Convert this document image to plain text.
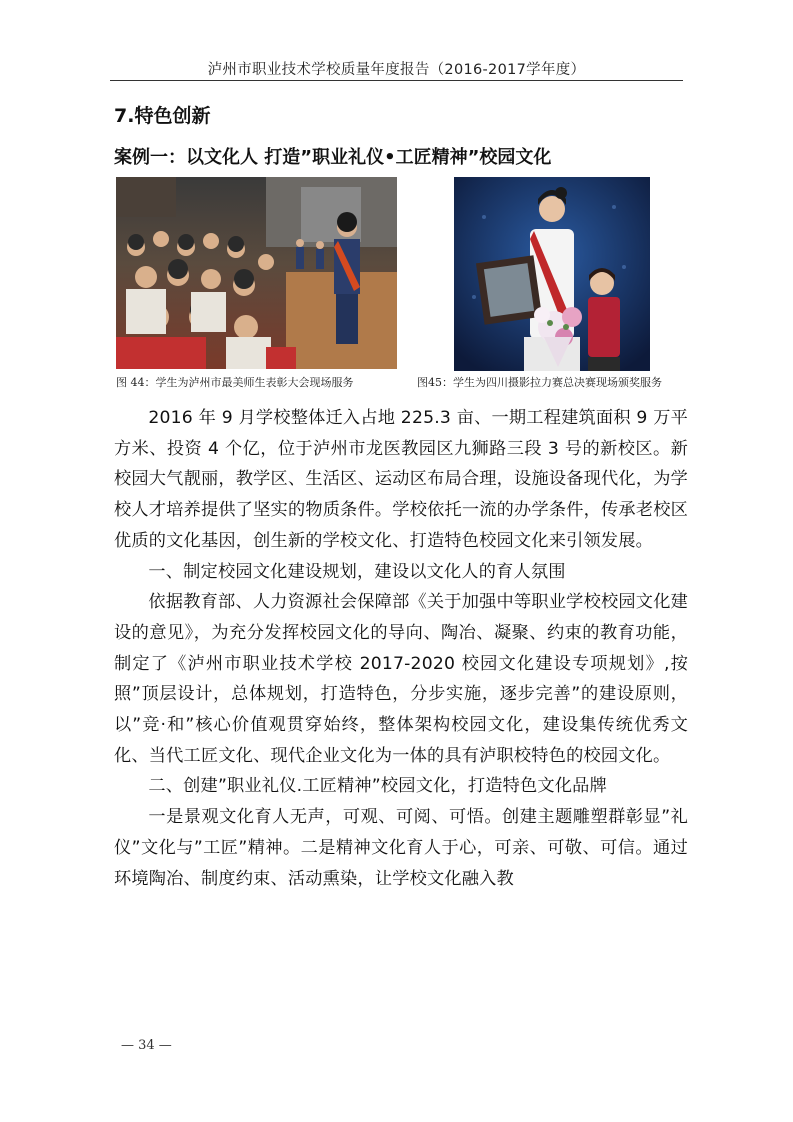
泸州市职业技术学校质量年度报告（2016-2017学年度）
7.特色创新
案例一：以文化人 打造”职业礼仪•工匠精神”校园文化
图 44：学生为泸州市最美师生表彰大会现场服务	图45：学生为四川摄影拉力赛总决赛现场颁奖服务

2016 年 9 月学校整体迁入占地 225.3 亩、一期工程建筑面积 9 万平方米、投资 4 个亿，位于泸州市龙医教园区九狮路三段 3 号的新校区。新校园大气靓丽，教学区、生活区、运动区布局合理，设施设备现代化，为学校人才培养提供了坚实的物质条件。学校依托一流的办学条件，传承老校区优质的文化基因，创生新的学校文化、打造特色校园文化来引领发展。

一、制定校园文化建设规划，建设以文化人的育人氛围

依据教育部、人力资源社会保障部《关于加强中等职业学校校园文化建设的意见》，为充分发挥校园文化的导向、陶冶、凝聚、约束的教育功能，制定了《泸州市职业技术学校 2017-2020 校园文化建设专项规划》,按照”顶层设计，总体规划，打造特色，分步实施，逐步完善”的建设原则，以”竞·和”核心价值观贯穿始终，整体架构校园文化，建设集传统优秀文化、当代工匠文化、现代企业文化为一体的具有泸职校特色的校园文化。

二、创建”职业礼仪.工匠精神”校园文化，打造特色文化品牌

一是景观文化育人无声，可观、可阅、可悟。创建主题雕塑群彰显”礼仪”文化与”工匠”精神。二是精神文化育人于心，可亲、可敬、可信。通过环境陶冶、制度约束、活动熏染，让学校文化融入教

— 34 —
